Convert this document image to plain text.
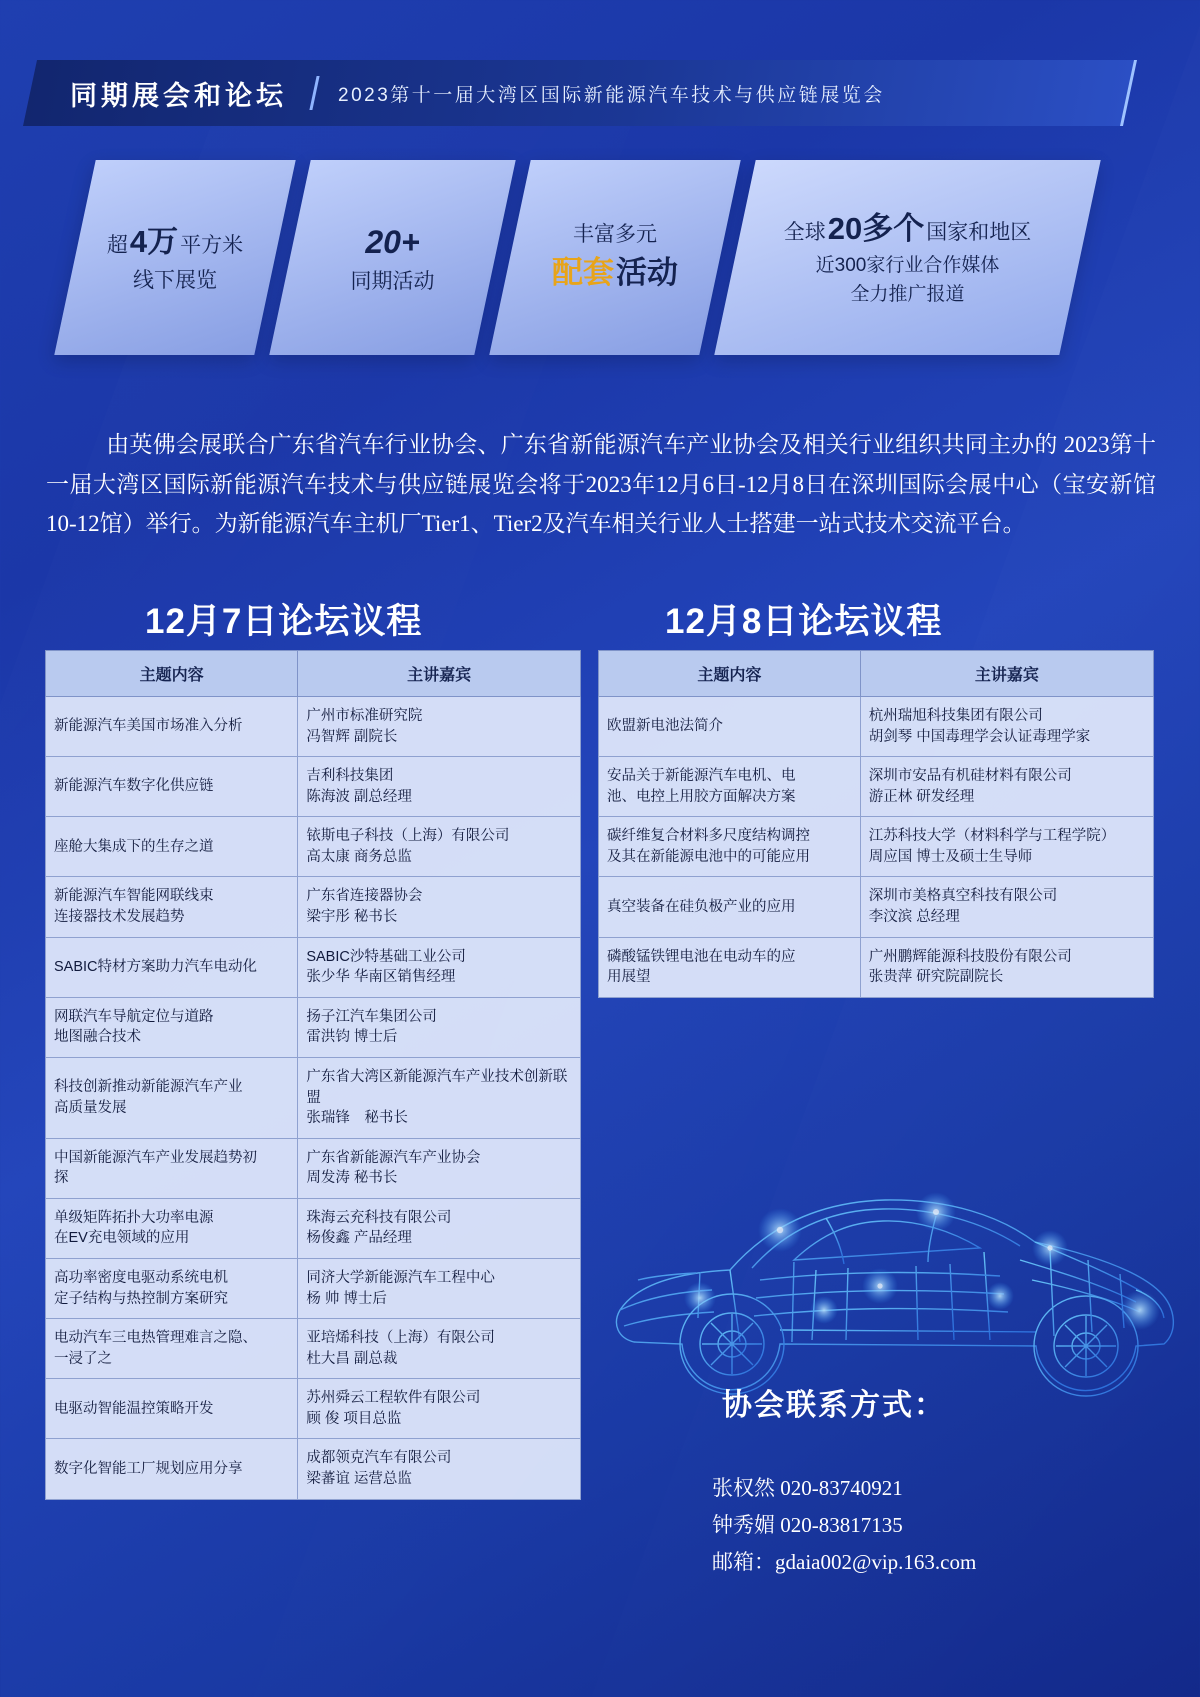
同期展会和论坛	2023第十一届大湾区国际新能源汽车技术与供应链展览会
超 4万 平方米
线下展览
20+
同期活动
丰富多元
配套 活动
全球 20多个 国家和地区
近300家行业合作媒体
全力推广报道
由英佛会展联合广东省汽车行业协会、广东省新能源汽车产业协会及相关行业组织共同主办的 2023第十一届大湾区国际新能源汽车技术与供应链展览会将于2023年12月6日-12月8日在深圳国际会展中心（宝安新馆10-12馆）举行。为新能源汽车主机厂Tier1、Tier2及汽车相关行业人士搭建一站式技术交流平台。
12月7日论坛议程	12月8日论坛议程
主题内容	主讲嘉宾

新能源汽车美国市场准入分析	广州市标准研究院
冯智辉 副院长

新能源汽车数字化供应链	吉利科技集团
陈海波 副总经理

座舱大集成下的生存之道	铱斯电子科技（上海）有限公司
高太康 商务总监

新能源汽车智能网联线束
连接器技术发展趋势	广东省连接器协会
梁宇彤 秘书长

SABIC特材方案助力汽车电动化	SABIC沙特基础工业公司
张少华 华南区销售经理

网联汽车导航定位与道路
地图融合技术	扬子江汽车集团公司
雷洪钧 博士后

科技创新推动新能源汽车产业
高质量发展	广东省大湾区新能源汽车产业技术创新联盟
张瑞锋　秘书长

中国新能源汽车产业发展趋势初
探	广东省新能源汽车产业协会
周发涛 秘书长

单级矩阵拓扑大功率电源
在EV充电领域的应用	珠海云充科技有限公司
杨俊鑫 产品经理

高功率密度电驱动系统电机
定子结构与热控制方案研究	同济大学新能源汽车工程中心
杨 帅 博士后

电动汽车三电热管理难言之隐、
一浸了之	亚培烯科技（上海）有限公司
杜大昌 副总裁

电驱动智能温控策略开发	苏州舜云工程软件有限公司
顾 俊 项目总监

数字化智能工厂规划应用分享	成都领克汽车有限公司
梁蕃谊 运营总监
主题内容	主讲嘉宾

欧盟新电池法简介	杭州瑞旭科技集团有限公司
胡剑琴 中国毒理学会认证毒理学家

安品关于新能源汽车电机、电
池、电控上用胶方面解决方案	深圳市安品有机硅材料有限公司
游正林 研发经理

碳纤维复合材料多尺度结构调控
及其在新能源电池中的可能应用	江苏科技大学（材料科学与工程学院）
周应国 博士及硕士生导师

真空装备在硅负极产业的应用	深圳市美格真空科技有限公司
李汶滨 总经理

磷酸锰铁锂电池在电动车的应
用展望	广州鹏辉能源科技股份有限公司
张贵萍 研究院副院长
协会联系方式：
张权然 020-83740921
钟秀媚 020-83817135
邮箱：gdaia002@vip.163.com
